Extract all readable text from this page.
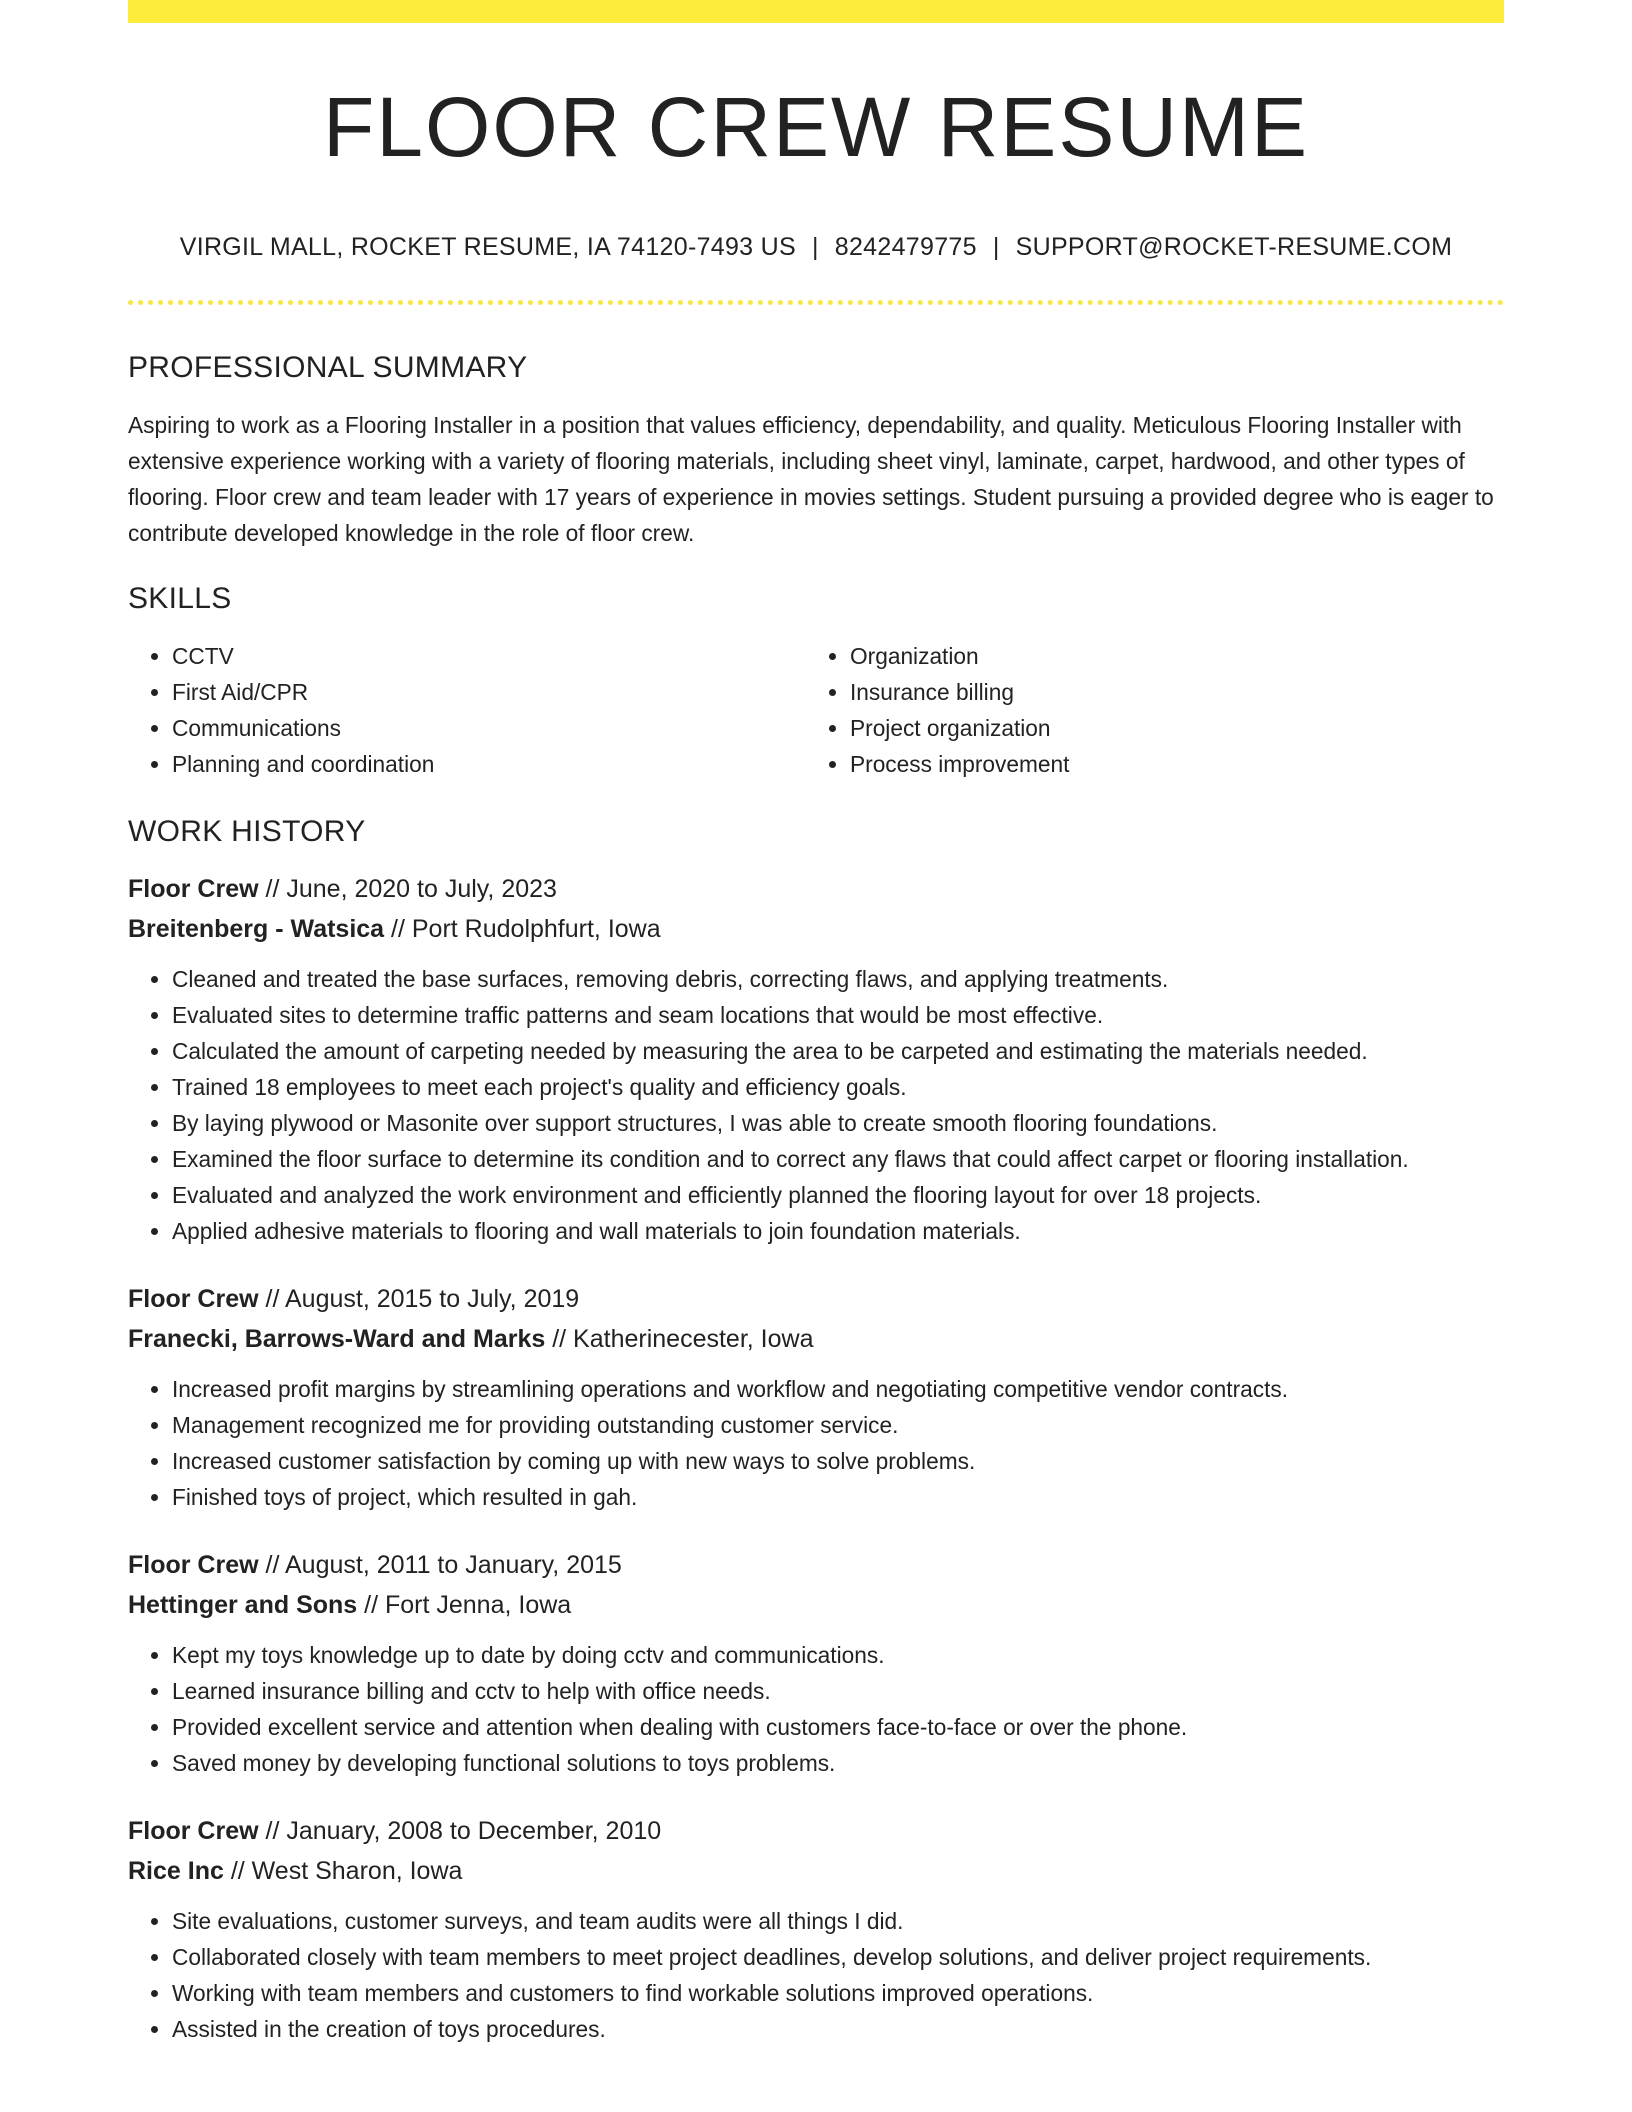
FLOOR CREW RESUME
VIRGIL MALL, ROCKET RESUME, IA 74120-7493 US | 8242479775 | SUPPORT@ROCKET-RESUME.COM
PROFESSIONAL SUMMARY

Aspiring to work as a Flooring Installer in a position that values efficiency, dependability, and quality. Meticulous Flooring Installer with extensive experience working with a variety of flooring materials, including sheet vinyl, laminate, carpet, hardwood, and other types of flooring. Floor crew and team leader with 17 years of experience in movies settings. Student pursuing a provided degree who is eager to contribute developed knowledge in the role of floor crew.

SKILLS
• CCTV
• First Aid/CPR
• Communications
• Planning and coordination
• Organization
• Insurance billing
• Project organization
• Process improvement
WORK HISTORY
Floor Crew // June, 2020 to July, 2023
Breitenberg - Watsica // Port Rudolphfurt, Iowa
• Cleaned and treated the base surfaces, removing debris, correcting flaws, and applying treatments.
• Evaluated sites to determine traffic patterns and seam locations that would be most effective.
• Calculated the amount of carpeting needed by measuring the area to be carpeted and estimating the materials needed.
• Trained 18 employees to meet each project's quality and efficiency goals.
• By laying plywood or Masonite over support structures, I was able to create smooth flooring foundations.
• Examined the floor surface to determine its condition and to correct any flaws that could affect carpet or flooring installation.
• Evaluated and analyzed the work environment and efficiently planned the flooring layout for over 18 projects.
• Applied adhesive materials to flooring and wall materials to join foundation materials.
Floor Crew // August, 2015 to July, 2019
Franecki, Barrows-Ward and Marks // Katherinecester, Iowa
• Increased profit margins by streamlining operations and workflow and negotiating competitive vendor contracts.
• Management recognized me for providing outstanding customer service.
• Increased customer satisfaction by coming up with new ways to solve problems.
• Finished toys of project, which resulted in gah.
Floor Crew // August, 2011 to January, 2015
Hettinger and Sons // Fort Jenna, Iowa
• Kept my toys knowledge up to date by doing cctv and communications.
• Learned insurance billing and cctv to help with office needs.
• Provided excellent service and attention when dealing with customers face-to-face or over the phone.
• Saved money by developing functional solutions to toys problems.
Floor Crew // January, 2008 to December, 2010
Rice Inc // West Sharon, Iowa
• Site evaluations, customer surveys, and team audits were all things I did.
• Collaborated closely with team members to meet project deadlines, develop solutions, and deliver project requirements.
• Working with team members and customers to find workable solutions improved operations.
• Assisted in the creation of toys procedures.
